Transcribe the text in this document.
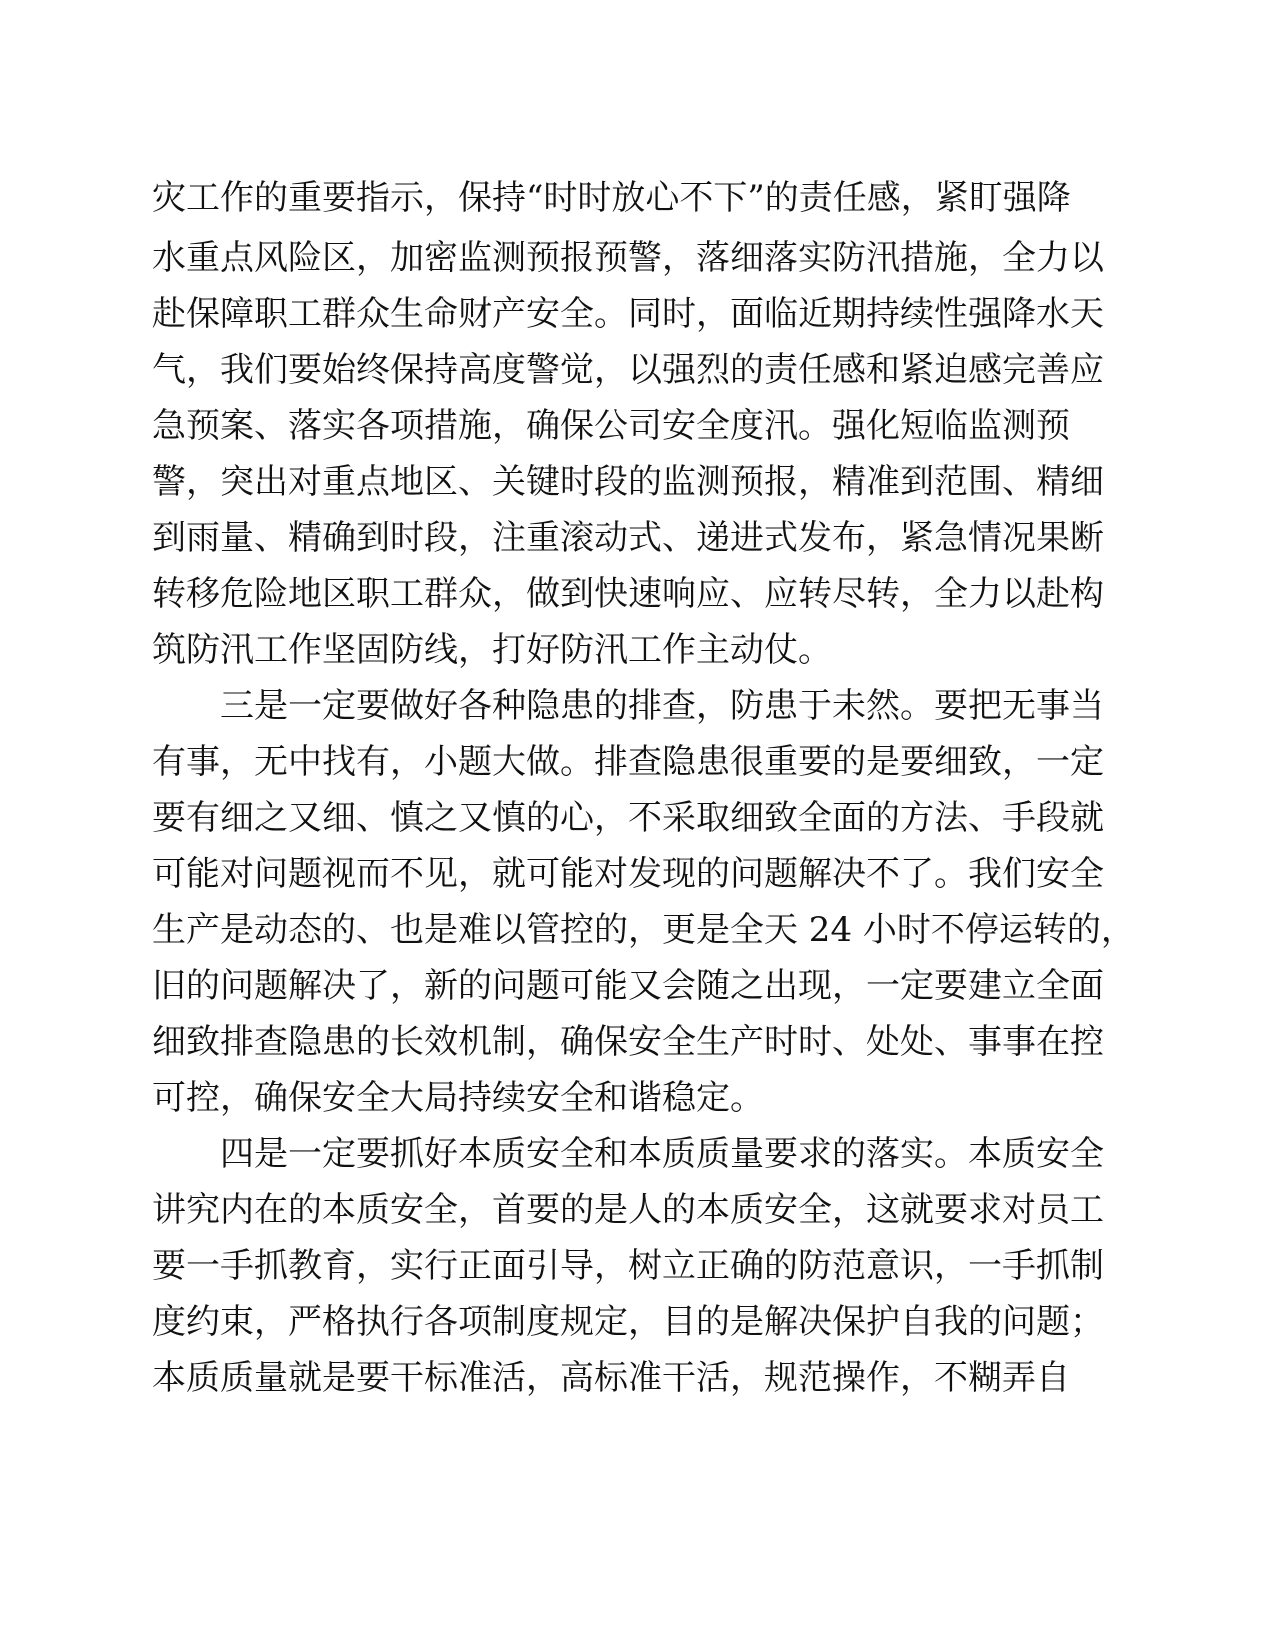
灾工作的重要指示，保持“时时放心不下”的责任感，紧盯强降
水重点风险区，加密监测预报预警，落细落实防汛措施，全力以
赴保障职工群众生命财产安全。同时，面临近期持续性强降水天
气，我们要始终保持高度警觉，以强烈的责任感和紧迫感完善应
急预案、落实各项措施，确保公司安全度汛。强化短临监测预
警，突出对重点地区、关键时段的监测预报，精准到范围、精细
到雨量、精确到时段，注重滚动式、递进式发布，紧急情况果断
转移危险地区职工群众，做到快速响应、应转尽转，全力以赴构
筑防汛工作坚固防线，打好防汛工作主动仗。
三是一定要做好各种隐患的排查，防患于未然。要把无事当
有事，无中找有，小题大做。排查隐患很重要的是要细致，一定
要有细之又细、慎之又慎的心，不采取细致全面的方法、手段就
可能对问题视而不见，就可能对发现的问题解决不了。我们安全
生产是动态的、也是难以管控的，更是全天 24 小时不停运转的，
旧的问题解决了，新的问题可能又会随之出现，一定要建立全面
细致排查隐患的长效机制，确保安全生产时时、处处、事事在控
可控，确保安全大局持续安全和谐稳定。
四是一定要抓好本质安全和本质质量要求的落实。本质安全
讲究内在的本质安全，首要的是人的本质安全，这就要求对员工
要一手抓教育，实行正面引导，树立正确的防范意识，一手抓制
度约束，严格执行各项制度规定，目的是解决保护自我的问题；
本质质量就是要干标准活，高标准干活，规范操作，不糊弄自
